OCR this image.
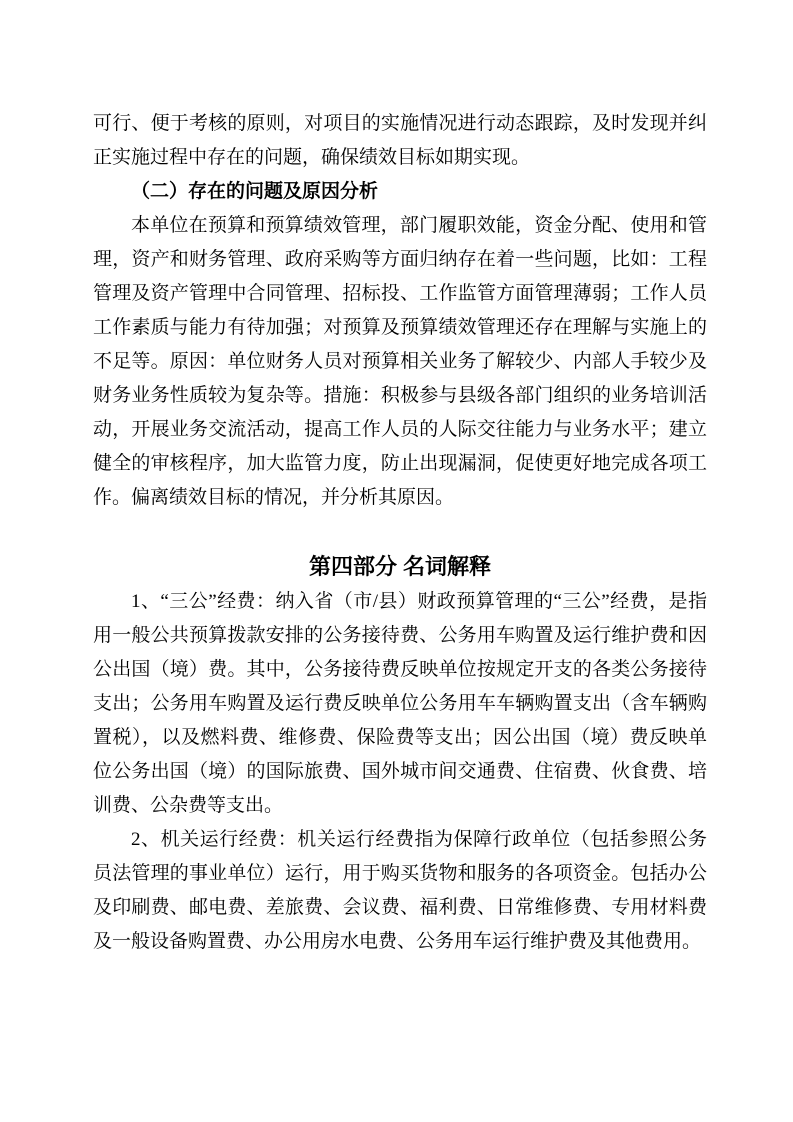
可行、便于考核的原则，对项目的实施情况进行动态跟踪，及时发现并纠正实施过程中存在的问题，确保绩效目标如期实现。

（二）存在的问题及原因分析

本单位在预算和预算绩效管理，部门履职效能，资金分配、使用和管理，资产和财务管理、政府采购等方面归纳存在着一些问题，比如：工程管理及资产管理中合同管理、招标投、工作监管方面管理薄弱；工作人员工作素质与能力有待加强；对预算及预算绩效管理还存在理解与实施上的不足等。原因：单位财务人员对预算相关业务了解较少、内部人手较少及财务业务性质较为复杂等。措施：积极参与县级各部门组织的业务培训活动，开展业务交流活动，提高工作人员的人际交往能力与业务水平；建立健全的审核程序，加大监管力度，防止出现漏洞，促使更好地完成各项工作。偏离绩效目标的情况，并分析其原因。

第四部分 名词解释

1、“三公”经费：纳入省（市/县）财政预算管理的“三公”经费，是指用一般公共预算拨款安排的公务接待费、公务用车购置及运行维护费和因公出国（境）费。其中，公务接待费反映单位按规定开支的各类公务接待支出；公务用车购置及运行费反映单位公务用车车辆购置支出（含车辆购置税），以及燃料费、维修费、保险费等支出；因公出国（境）费反映单位公务出国（境）的国际旅费、国外城市间交通费、住宿费、伙食费、培训费、公杂费等支出。

2、机关运行经费：机关运行经费指为保障行政单位（包括参照公务员法管理的事业单位）运行，用于购买货物和服务的各项资金。包括办公及印刷费、邮电费、差旅费、会议费、福利费、日常维修费、专用材料费及一般设备购置费、办公用房水电费、公务用车运行维护费及其他费用。
